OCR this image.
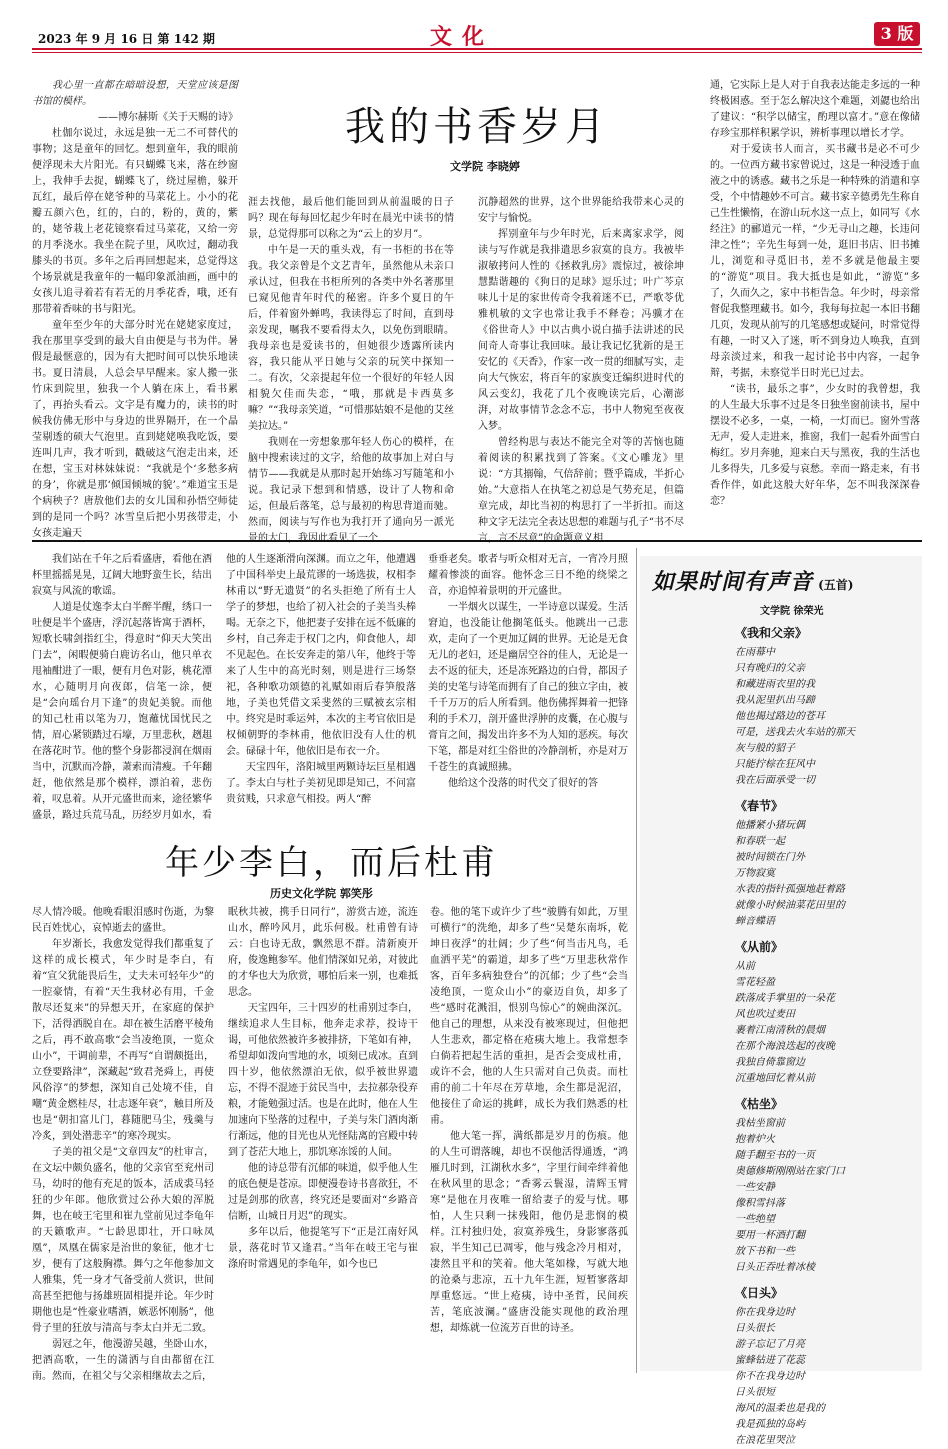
2023 年 9 月 16 日 第 142 期	文化	3 版
我的书香岁月
文学院 李晓婷

我心里一直都在暗暗设想，天堂应该是图书馆的模样。

——博尔赫斯《关于天赐的诗》

杜伽尔说过，永远是独一无二不可替代的事物；这是童年的回忆。想到童年，我的眼前便浮现未大片阳光。有只蝴蝶飞来，落在纱窗上，我伸手去捉，蝴蝶飞了，绕过屋檐，躲开瓦红，最后停在姥爷种的马菜花上。小小的花瓣五颜六色，红的，白的，粉的，黄的，紫的，姥爷栽上老花镜察看过马菜花，又给一旁的月季浇水。我坐在院子里，风吹过，翻动我膝头的书页。多年之后再回想起来，总觉得这个场景就是我童年的一幅印象派油画，画中的女孩儿追寻着若有若无的月季花香，哦，还有那带着香味的书与阳光。

童年至少年的大部分时光在姥姥家度过，我在那里享受到的最大自由便是与书为伴。暑假是最惬意的，因为有大把时间可以快乐地读书。夏日清晨，人总会早早醒来。家人搬一张竹床到院里，独我一个人躺在床上，看书累了，再抬头看云。文字是有魔力的，读书的时候我仿佛无形中与身边的世界隔开，在一个晶莹剔透的硕大气泡里。直到姥姥唤我吃饭，要连叫几声，我才听到，戳破这气泡走出来，还在想，宝玉对林妹妹说：“我就是个‘多愁多病的身’，你就是那‘倾国倾城的貌’。”难道宝玉是个病秧子？唐敖他们去的女儿国和孙悟空师徒到的是同一个吗？冰雪皇后把小男孩带走，小女孩走遍天

涯去找他，最后他们能回到从前温暖的日子吗？现在每每回忆起少年时在晨光中读书的情景，总觉得那可以称之为“云上的岁月”。

中午是一天的重头戏，有一书柜的书在等我。我父亲曾是个文艺青年，虽然他从未亲口承认过，但我在书柜所列的各类中外名著那里已窥见他青年时代的秘密。许多个夏日的午后，伴着窗外蝉鸣，我读得忘了时间，直到母亲发现，嘱我不要看得太久，以免伤到眼睛。我母亲也是爱读书的，但她很少透露所读内容，我只能从平日她与父亲的玩笑中探知一二。有次，父亲提起年位一个很好的年轻人因相貌欠佳而失恋，“哦，那就是卡西莫多嘛？”“我母亲笑道，“可惜那姑娘不是他的艾丝美拉达。”

我则在一旁想象那年轻人伤心的模样，在脑中搜索读过的文字，给他的故事加上对白与情节——我就是从那时起开始练习写随笔和小说。我记录下想到和情感，设计了人物和命运，但最后落笔，总与最初的构思背道而驰。然而，阅读与写作也为我打开了通向另一派光景的大门，我因此看见了一个

沉静超然的世界，这个世界能给我带来心灵的安宁与愉悦。

挥别童年与少年时光，后来离家求学，阅读与写作就是我排遣思乡寂寞的良方。我被毕淑敏拷问人性的《拯救乳房》震惊过，被徐坤慧黠谐趣的《狗日的足球》逗乐过；叶广芩京味儿十足的家世传奇令我着迷不已，严歌苓优雅机敏的文字也常让我手不释卷；冯骥才在《俗世奇人》中以古典小说白描手法讲述的民间奇人奇事让我回味。最让我记忆犹新的是王安忆的《天香》，作家一改一贯的细腻写实，走向大气恢宏，将百年的家族变迁编织进时代的风云变幻，我花了几个夜晚读完后，心潮澎湃，对故事情节念念不忘，书中人物宛至夜夜入梦。

曾经构思与表达不能完全对等的苦恼也随着阅读的积累找到了答案。《文心雕龙》里说：“方其搦翰，气倍辞前；暨乎篇成，半折心始。”大意指人在执笔之初总是气势充足，但篇章完成，却比当初的构思打了一半折扣。而这种文字无法完全表达思想的难题与孔子“书不尽言，言不尽意”的命题意义相

通，它实际上是人对于自我表达能走多远的一种终极困惑。至于怎么解决这个难题，刘勰也给出了建议：“积学以储宝，酌理以富才。”意在像储存珍宝那样积累学识，辨析事理以增长才学。

对于爱读书人而言，买书藏书是必不可少的。一位西方藏书家曾说过，这是一种浸透于血液之中的诱惑。藏书之乐是一种特殊的消遣和享受，个中情趣妙不可言。藏书家辛德勇先生称自己生性懒惰，在游山玩水这一点上，如同写《水经注》的郦道元一样，“少无寻山之趣，长违问津之性”；辛先生每到一处，逛旧书店、旧书摊儿，浏览和寻觅旧书，差不多就是他最主要的“游览”项目。我大抵也是如此，“游览”多了，久而久之，家中书柜告急。年少时，母亲常督促我整理藏书。如今，我每每拉起一本旧书翻几页，发现从前写的几笔感想或疑问，时常觉得有趣，一时又入了迷，听不到身边人唤我，直到母亲淡过来，和我一起讨论书中内容，一起争辩，考据，未察觉半日时光已过去。

“读书，最乐之事”，少女时的我曾想，我的人生最大乐事不过是冬日独坐窗前读书，屋中摆设不必多，一桌，一椅，一灯而已。窗外雪落无声，爱人走进来，推窗，我们一起看外面雪白梅红。岁月奔驰，迎来白天与黑夜，我的生活也儿多得失，几多爱与哀愁。幸而一路走来，有书香作伴，如此这般大好年华，怎不叫我深深眷恋？

我们站在千年之后看盛唐，看他在酒杯里摇摇晃晃，辽阔大地野蛮生长，结出寂寞与风流的歌谣。

人道是仗逸李太白半醉半醒，绣口一吐便是半个盛唐，浮沉起落皆寓于酒杯，短歌长啸剑指红尘，得意时“仰天大笑出门去”，闲暇便骑白鹿访名山，他只单衣甩袖酣进了一眼，便有月色对影，桃花潭水，心随明月向夜郎，信笔一涂，便是“会向瑶台月下逢”的贵妃美貌。而他的知己杜甫以笔为刀，饱蘸忧国忧民之情，眉心紧锁踏过石壕，万里悲秋，趔趄在落花时节。他的整个身影都浸润在烟雨当中，沉默而冷静，萧索而清瘦。千年翻赶，他依然是那个模样，漂泊着，悲伤着，叹息着。从开元盛世而来，途径繁华盛景，路过兵荒马乱，历经岁月如水，看

他的人生逐渐滑向深渊。而立之年，他遭遇了中国科举史上最荒谬的一场选拔，权相李林甫以“野无遗贤”的名头拒绝了所有士人学子的梦想，也给了初入社会的子美当头棒喝。无奈之下，他把妻子安排在远不低廉的乡村，自己奔走于权门之内，仰食他人，却不见起色。在长安奔走的第八年，他终于等来了人生中的高光时刻，则是进行三场祭祀，各种歌功颂德的礼赋如雨后春笋般落地，子美也凭借文采斐然的三赋被玄宗相中。终究是时乖运舛，本次的主考官依旧是权倾朝野的李林甫，他依旧没有人仕的机会。碌碌十年，他依旧是布衣一介。

天宝四年，洛阳城里两颗诗坛巨星相遇了。李太白与杜子美初见即是知己，不问富贵贫贱，只求意气相投。两人“醉

垂垂老矣。歌者与听众相对无言，一宵冷月照耀着惨淡的面容。他怀念三日不绝的绕梁之音，亦追悼着景明的开元盛世。

一半烟火以谋生，一半诗意以谋爱。生活窘迫，也没能让他搁笔低头。他跳出一己悲欢，走向了一个更加辽阔的世界。无论是无食无儿的老妇，还是幽居空谷的佳人，无论是一去不返的征夫，还是冻死路边的白骨，都因子美的史笔与诗笔而拥有了自己的独立字由，被千千万万的后人所看到。他伤佛挥舞着一把锋利的手术刀，剖开盛世浮肿的皮囊，在心腹与膏肓之间，揭发出许多不为人知的恶疾。每次下笔，都是对红尘俗世的冷静剖析，亦是对万千苍生的真诚照拂。

他给这个没落的时代交了很好的答

年少李白，而后杜甫
历史文化学院 郭笑彤

尽人情冷暖。他晚看眼泪感时伤逝，为黎民百姓忧心，哀悼逝去的盛世。

年岁渐长，我愈发觉得我们都重复了这样的成长模式，年少时是李白，有着“宣父犹能畏后生，丈夫未可轻年少”的一腔豪情，有着“天生我材必有用，千金散尽还复来”的异想天开，在家庭的保护下，活得洒脱自在。却在被生活磨平棱角之后，再不敢高歌“会当凌绝顶，一览众山小”，干调前辈，不再写“自谓颇挺出，立登要路津”，深藏起“致君尧舜上，再使风俗淳”的梦想，深知自己处境不佳，自嘲“黄金燃桂尽，壮志逐年衰”，触目所及也是“朝扣富儿门，暮随肥马尘，残羹与冷炙，到处潜悲辛”的寒冷现实。

子美的祖父是“文章四友”的杜审言，在文坛中颇负盛名，他的父亲官至兖州司马，幼时的他有充足的饭本，活成裘马轻狂的少年郎。他欣赏过公孙大娘的浑脱舞，也在岐王宅里和崔九堂前见过李龟年的天籁歌声。“七龄思即壮，开口咏凤凰”，凤凰在儒家是治世的象征，他才七岁，便有了这般胸襟。舞勺之年他参加文人雅集，凭一身才气备受前人赏识，世间高甚至把他与扬雄班固相提并论。年少时期他也是“性豪业嗜酒，嫉恶怀刚肠”，他骨子里的狂放与清高与李太白并无二致。

弱冠之年，他漫游吴越，坐卧山水，把酒高歌，一生的潇洒与自由都留在江南。然而，在祖父与父亲相继故去之后，

眠秋共被，携手日同行”，游赏古迹，流连山水，醉吟风月，此乐何极。杜甫曾有诗云：白也诗无敌，飘然思不群。清新庾开府，俊逸鲍参军。他们情深如兄弟，对彼此的才华也大为欣赏，哪怕后来一别，也难抵思念。

天宝四年，三十四岁的杜甫别过李白，继续追求人生目标，他奔走求荐，投诗干谒，可他依然被许多被排挤，下笔如有神，希望却如泼向雪地的水，顷刻已成冰。直到四十岁，他依然漂泊无依，似乎被世界遗忘，不得不混迹于贫民当中，去拉郝杂役弃粮，才能勉强过活。也是在此时，他在人生加速向下坠落的过程中，子美与朱门酒肉渐行渐远，他的目光也从光怪陆离的宫殿中转到了苍茫大地上，那饥寒冻馁的人间。

他的诗总带有沉郁的味道，似乎他人生的底色便是苍凉。即便漫卷诗书喜欲狂，不过是剑那的欣喜，终究还是要面对“乡路音信断，山城日月迟”的现实。

多年以后，他提笔写下“正是江南好风景，落花时节又逢君。”当年在岐王宅与崔涤府时常遇见的李龟年，如今也已

卷。他的笔下或许少了些“骏腾有如此，万里可横行”的洗绝，却多了些“吴楚东南坼，乾坤日夜浮”的壮阔；少了些“何当击凡鸟，毛血洒平芜”的霸道，却多了些“万里悲秋常作客，百年多病独登台”的沉郁；少了些“会当凌绝顶，一览众山小”的豪迈自负，却多了些“感时花溅泪，恨别鸟惊心”的婉曲深沉。他自己的理想，从来没有被寒现过，但他把人生悲欢，都定格在疮痍大地上。我常想李白倘若把起生活的重担，是否会变成杜甫，或许不会，他的人生只需对自己负责。而杜甫的前二十年尽在芳草地，余生都是泥沼，他接住了命运的挑衅，成长为我们熟悉的杜甫。

他大笔一挥，满纸都是岁月的伤痕。他的人生可谓落魄，却也不误他活得通透，“鸿雁几时到，江湖秋水多”，字里行间牵绊着他在秋风里的思念；“香雾云鬟湿，清辉玉臂寒”是他在月夜唯一留给妻子的爱与忧。哪怕，人生只剩一抹残阳，他仍是悲悯的模样。江村独归处，寂寞养残生，身影寥落孤寂，半生知己已凋零，他与残念冷月相对，凄然且平和的笑着。他大笔如椽，写就大地的沧桑与悲凉，五十九年生涯，短暂寥落却厚重悠远。“世上疮痍，诗中圣哲，民间疾苦，笔底波澜。”盛唐没能实现他的政治理想，却炼就一位流芳百世的诗圣。

如果时间有声音 (五首)
文学院 徐荣光
《我和父亲》
在雨幕中
只有晚归的父亲
和藏进雨衣里的我
我从泥里扒出马蹄
他也揭过路边的苍耳
可是，送我去火车站的那天
灰与般的貂子
只能拧棕在狂风中
我在后面承受一切
《春节》
他播紧小猪玩偶
和春联一起
被时间锁在门外
万物寂寞
水表的指针孤强地赶着路
就像小时候油菜花田里的
蝉音蝶语
《从前》
从前
雪花轻盈
跌落成手掌里的一朵花
风也吹过麦田
裹着江南清秋的晨烟
在那个海浪迭起的夜晚
我独自倚靠窗边
沉重地回忆着从前
《枯坐》
我枯坐窗前
抱着炉火
随手翻至书的一页
奥德修斯刚刚站在家门口
一些安静
像积雪抖落
一些绝望
要用一杯酒打翻
放下书和一些
日头正吞吐着冰棱
《日头》
你在我身边时
日头很长
游子忘记了月亮
蜜蜂钻进了花蕊
你不在我身边时
日头很短
海风的温柔也是我的
我是孤独的岛屿
在浪花里哭泣
